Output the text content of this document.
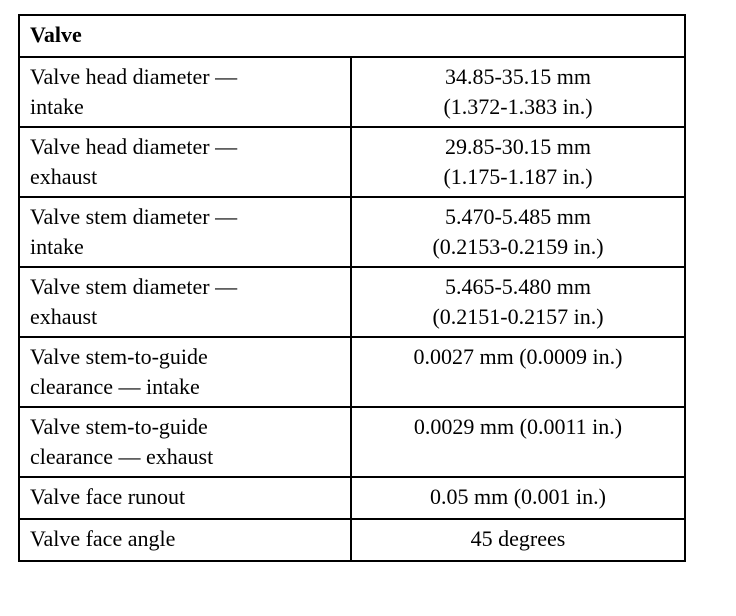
Valve	

Valve head diameter —
intake	34.85-35.15 mm
(1.372-1.383 in.)

Valve head diameter —
exhaust	29.85-30.15 mm
(1.175-1.187 in.)

Valve stem diameter —
intake	5.470-5.485 mm
(0.2153-0.2159 in.)

Valve stem diameter —
exhaust	5.465-5.480 mm
(0.2151-0.2157 in.)

Valve stem-to-guide
clearance — intake	0.0027 mm (0.0009 in.)

Valve stem-to-guide
clearance — exhaust	0.0029 mm (0.0011 in.)

Valve face runout	0.05 mm (0.001 in.)

Valve face angle	45 degrees
